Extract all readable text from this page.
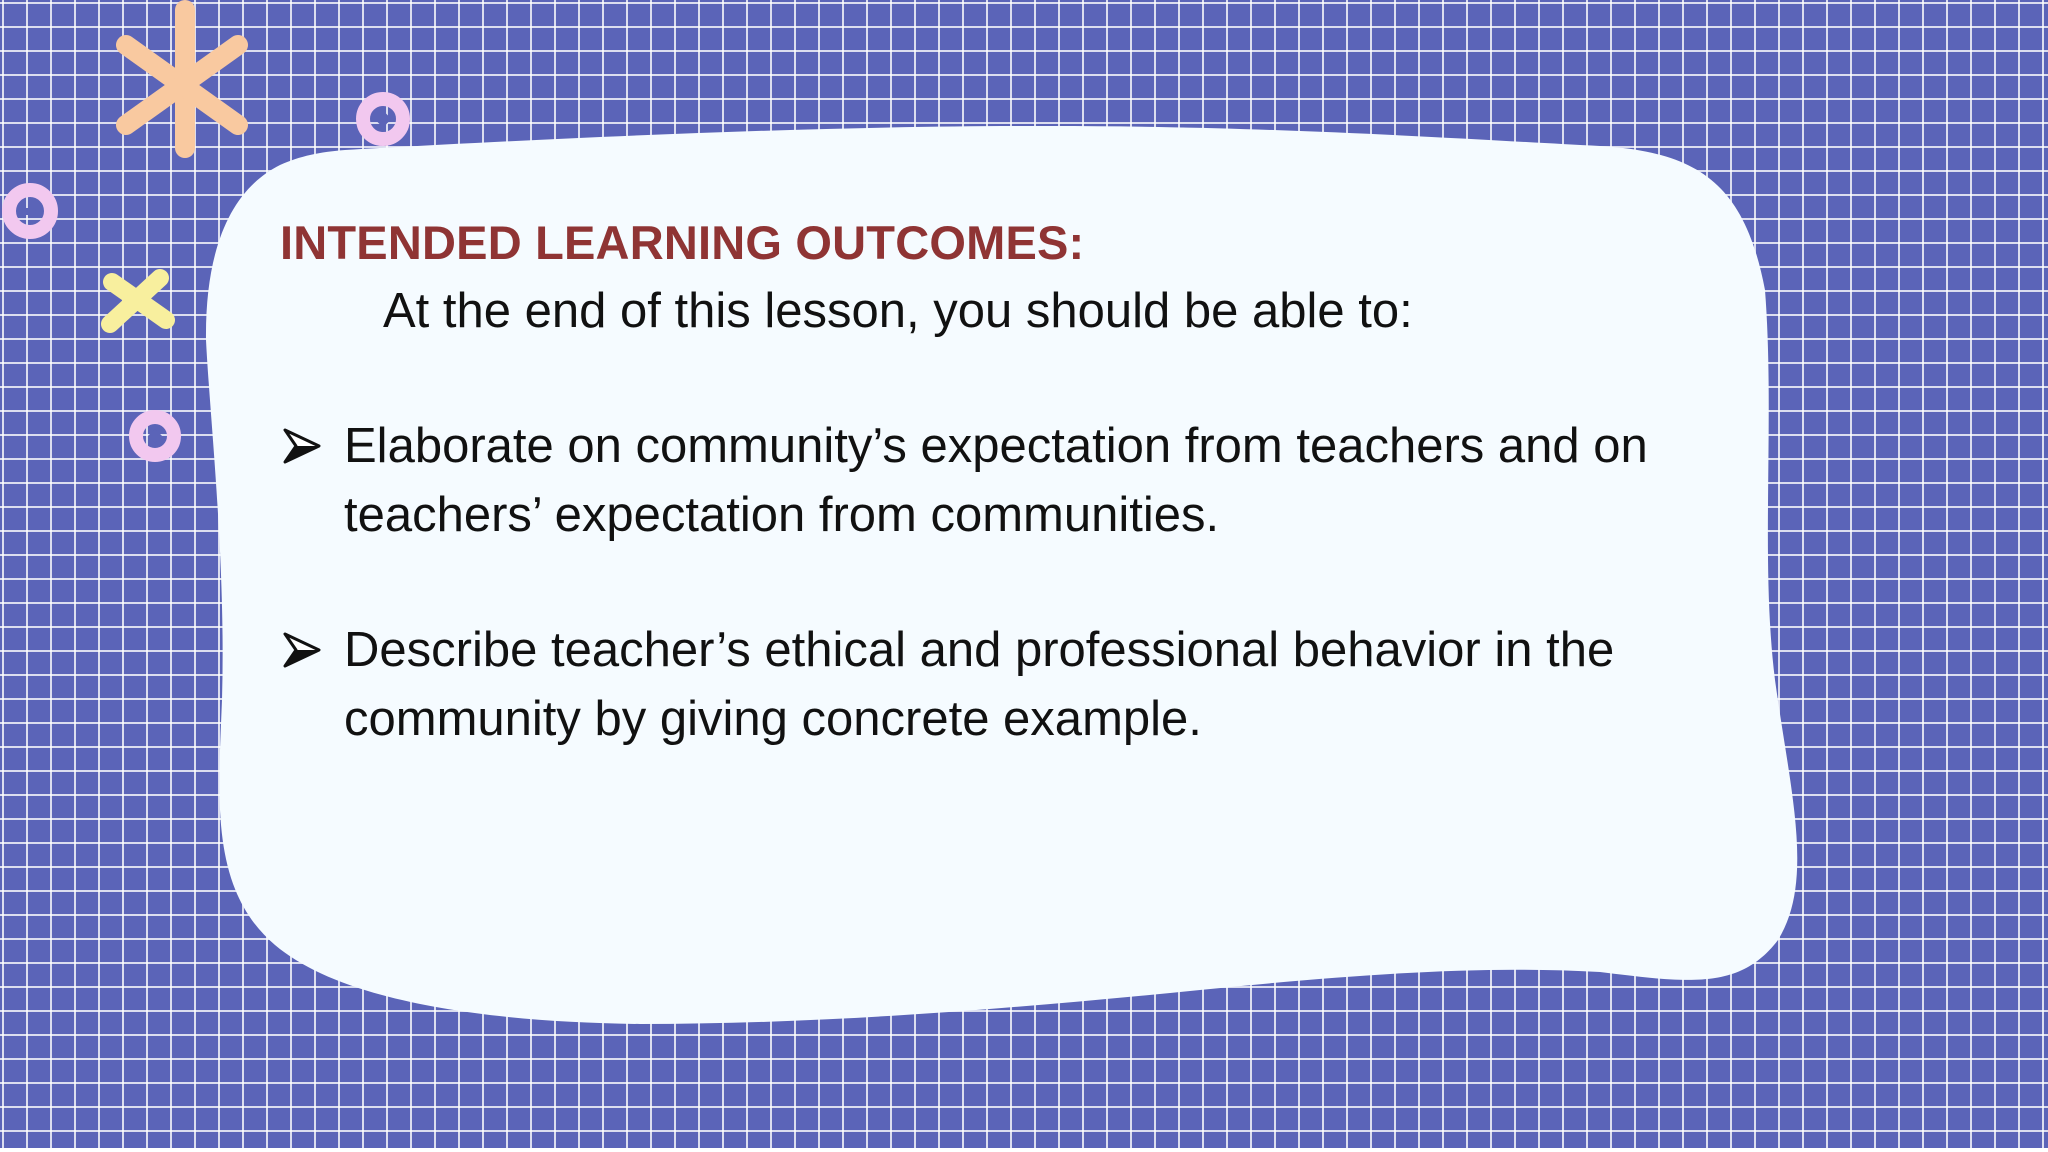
INTENDED LEARNING OUTCOMES:

At the end of this lesson, you should be able to:

Elaborate on community’s expectation from teachers and on teachers’ expectation from communities.
Describe teacher’s ethical and professional behavior in the community by giving concrete example.
